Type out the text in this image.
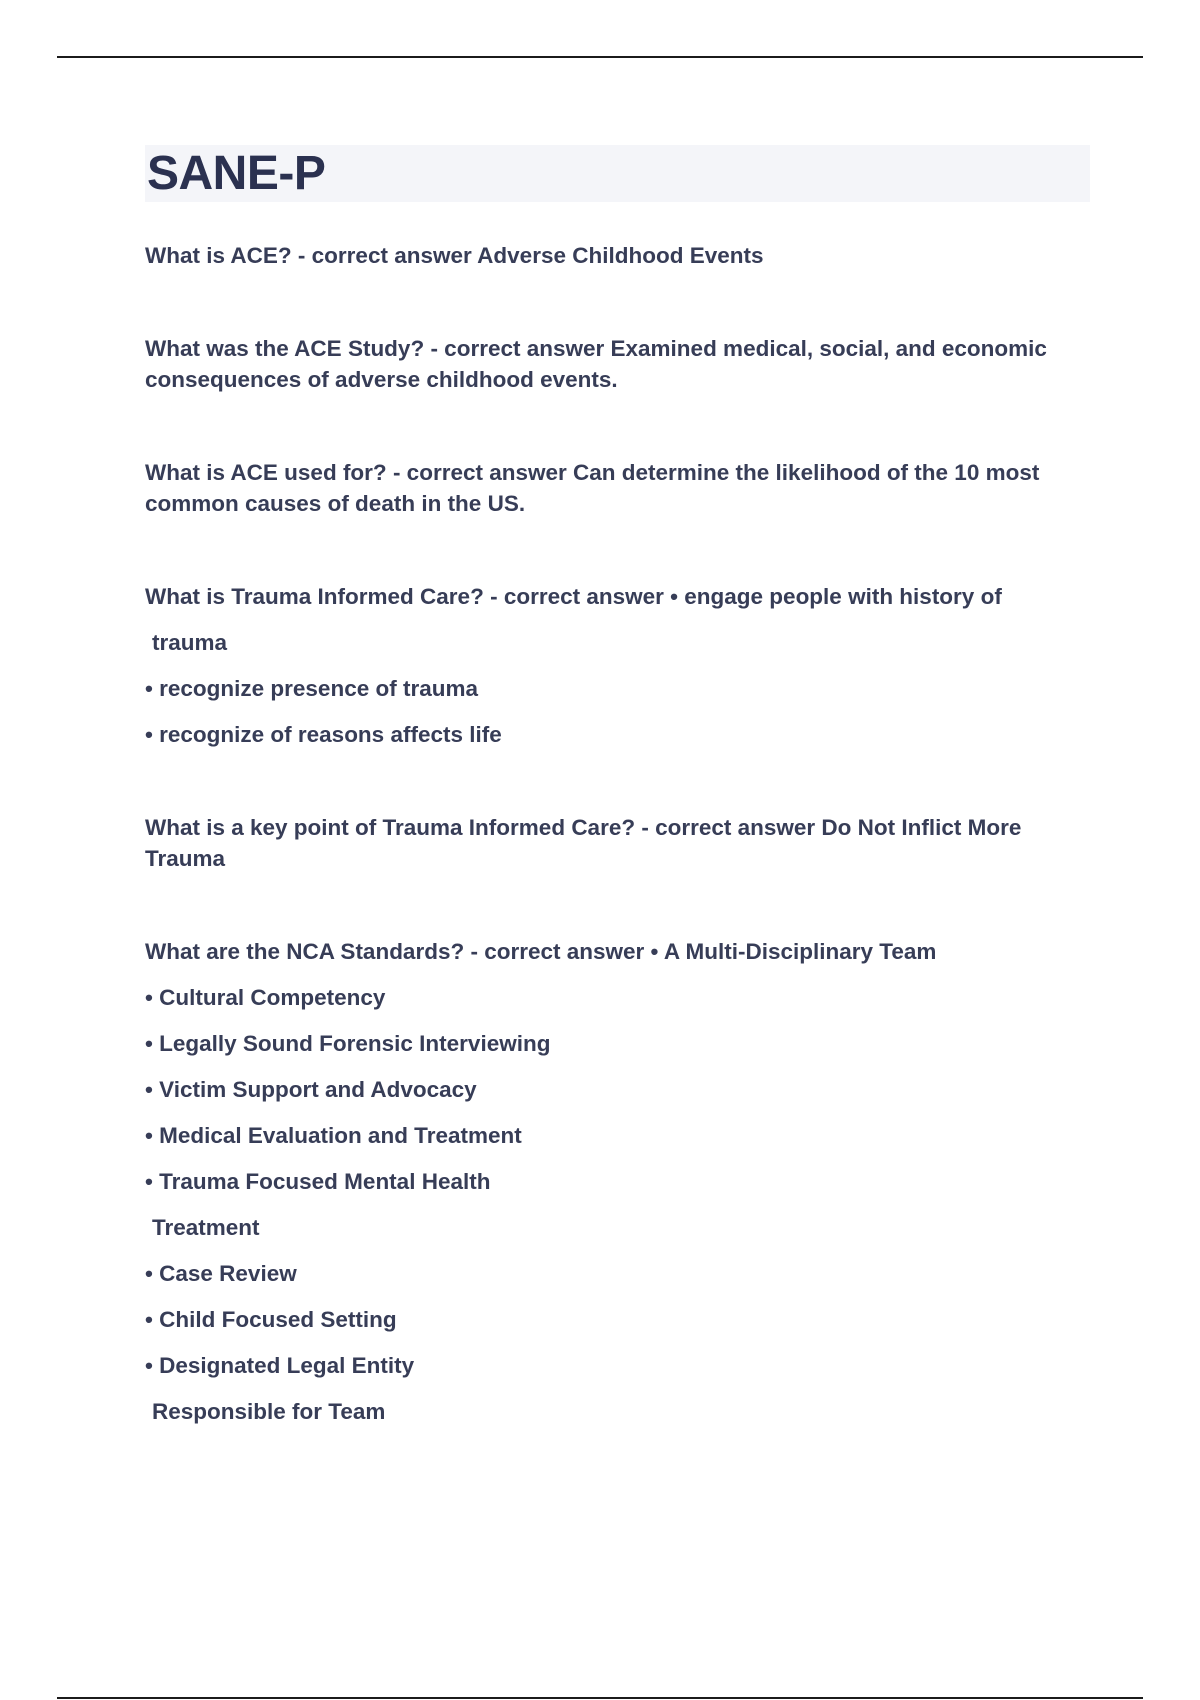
SANE-P

What is ACE? - correct answer Adverse Childhood Events

What was the ACE Study? - correct answer Examined medical, social, and economic consequences of adverse childhood events.

What is ACE used for? - correct answer Can determine the likelihood of the 10 most common causes of death in the US.

What is Trauma Informed Care? - correct answer • engage people with history of

trauma
• recognize presence of trauma
• recognize of reasons affects life

What is a key point of Trauma Informed Care? - correct answer Do Not Inflict More Trauma

What are the NCA Standards? - correct answer • A Multi-Disciplinary Team

• Cultural Competency
• Legally Sound Forensic Interviewing
• Victim Support and Advocacy
• Medical Evaluation and Treatment
• Trauma Focused Mental Health
Treatment
• Case Review
• Child Focused Setting
• Designated Legal Entity
Responsible for Team
